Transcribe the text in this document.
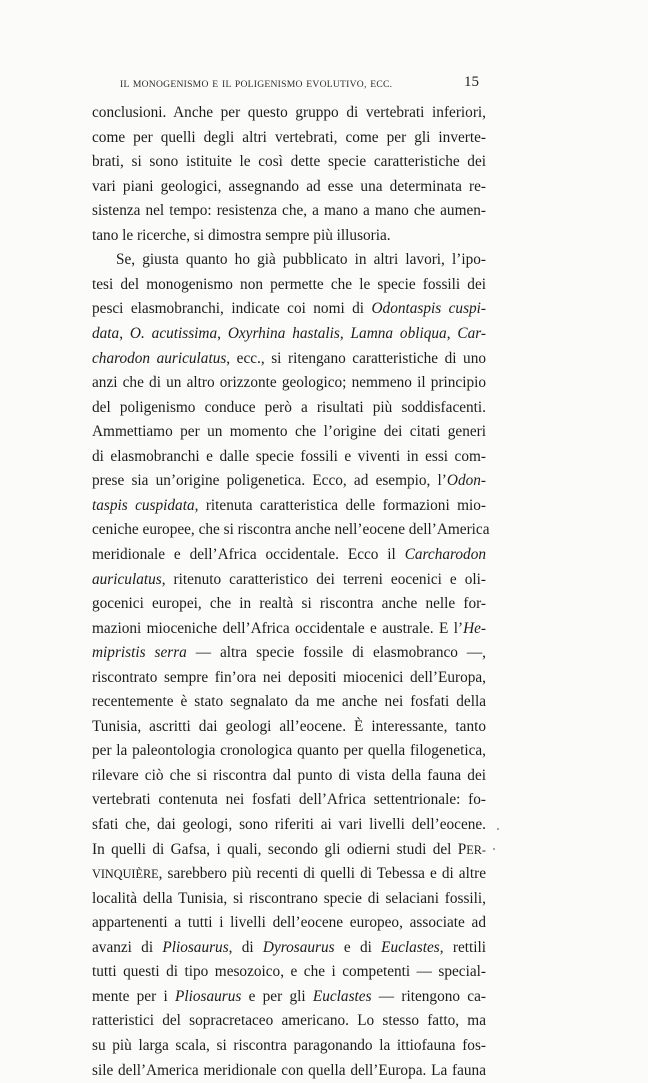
IL MONOGENISMO E IL POLIGENISMO EVOLUTIVO, ECC.	15
conclusioni. Anche per questo gruppo di vertebrati inferiori,
come per quelli degli altri vertebrati, come per gli inverte-
brati, si sono istituite le così dette specie caratteristiche dei
vari piani geologici, assegnando ad esse una determinata re-
sistenza nel tempo: resistenza che, a mano a mano che aumen-
tano le ricerche, si dimostra sempre più illusoria.
Se, giusta quanto ho già pubblicato in altri lavori, l’ipo-
tesi del monogenismo non permette che le specie fossili dei
pesci elasmobranchi, indicate coi nomi di Odontaspis cuspi-
data, O. acutissima, Oxyrhina hastalis, Lamna obliqua, Car-
charodon auriculatus, ecc., si ritengano caratteristiche di uno
anzi che di un altro orizzonte geologico; nemmeno il principio
del poligenismo conduce però a risultati più soddisfacenti.
Ammettiamo per un momento che l’origine dei citati generi
di elasmobranchi e dalle specie fossili e viventi in essi com-
prese sia un’origine poligenetica. Ecco, ad esempio, l’Odon-
taspis cuspidata, ritenuta caratteristica delle formazioni mio-
ceniche europee, che si riscontra anche nell’eocene dell’America
meridionale e dell’Africa occidentale. Ecco il Carcharodon
auriculatus, ritenuto caratteristico dei terreni eocenici e oli-
gocenici europei, che in realtà si riscontra anche nelle for-
mazioni mioceniche dell’Africa occidentale e australe. E l’He-
mipristis serra — altra specie fossile di elasmobranco —,
riscontrato sempre fin’ora nei depositi miocenici dell’Europa,
recentemente è stato segnalato da me anche nei fosfati della
Tunisia, ascritti dai geologi all’eocene. È interessante, tanto
per la paleontologia cronologica quanto per quella filogenetica,
rilevare ciò che si riscontra dal punto di vista della fauna dei
vertebrati contenuta nei fosfati dell’Africa settentrionale: fo-
sfati che, dai geologi, sono riferiti ai vari livelli dell’eocene.
In quelli di Gafsa, i quali, secondo gli odierni studi del PER-
VINQUIÈRE, sarebbero più recenti di quelli di Tebessa e di altre
località della Tunisia, si riscontrano specie di selaciani fossili,
appartenenti a tutti i livelli dell’eocene europeo, associate ad
avanzi di Pliosaurus, di Dyrosaurus e di Euclastes, rettili
tutti questi di tipo mesozoico, e che i competenti — special-
mente per i Pliosaurus e per gli Euclastes — ritengono ca-
ratteristici del sopracretaceo americano. Lo stesso fatto, ma
su più larga scala, si riscontra paragonando la ittiofauna fos-
sile dell’America meridionale con quella dell’Europa. La fauna
